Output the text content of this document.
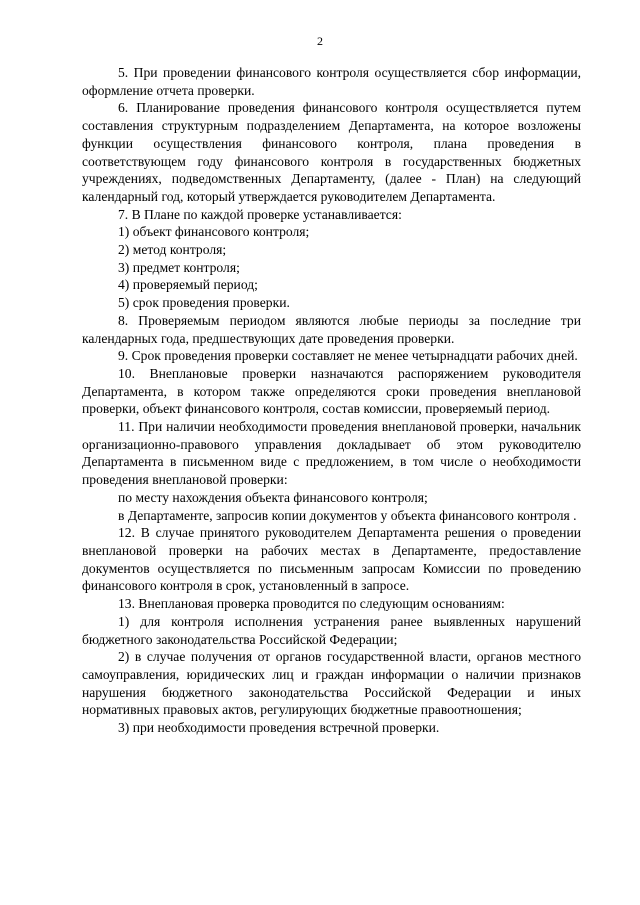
2

5. При проведении финансового контроля осуществляется сбор информации, оформление отчета проверки.

6. Планирование проведения финансового контроля осуществляется путем составления структурным подразделением Департамента, на которое возложены функции осуществления финансового контроля, плана проведения в соответствующем году финансового контроля в государственных бюджетных учреждениях, подведомственных Департаменту, (далее - План) на следующий календарный год, который утверждается руководителем Департамента.

7. В Плане по каждой проверке устанавливается:

1) объект финансового контроля;

2) метод контроля;

3) предмет контроля;

4) проверяемый период;

5) срок проведения проверки.

8. Проверяемым периодом являются любые периоды за последние три календарных года, предшествующих дате проведения проверки.

9. Срок проведения проверки составляет не менее четырнадцати рабочих дней.

10. Внеплановые проверки назначаются распоряжением руководителя Департамента, в котором также определяются сроки проведения внеплановой проверки, объект финансового контроля, состав комиссии, проверяемый период.

11. При наличии необходимости проведения внеплановой проверки, начальник организационно-правового управления докладывает об этом руководителю Департамента в письменном виде с предложением, в том числе о необходимости проведения внеплановой проверки:

по месту нахождения объекта финансового контроля;

в Департаменте, запросив копии документов у объекта финансового контроля .

12. В случае принятого руководителем Департамента решения о проведении внеплановой проверки на рабочих местах в Департаменте, предоставление документов осуществляется по письменным запросам Комиссии по проведению финансового контроля в срок, установленный в запросе.

13. Внеплановая проверка проводится по следующим основаниям:

1) для контроля исполнения устранения ранее выявленных нарушений бюджетного законодательства Российской Федерации;

2) в случае получения от органов государственной власти, органов местного самоуправления, юридических лиц и граждан информации о наличии признаков нарушения бюджетного законодательства Российской Федерации и иных нормативных правовых актов, регулирующих бюджетные правоотношения;

3) при необходимости проведения встречной проверки.
